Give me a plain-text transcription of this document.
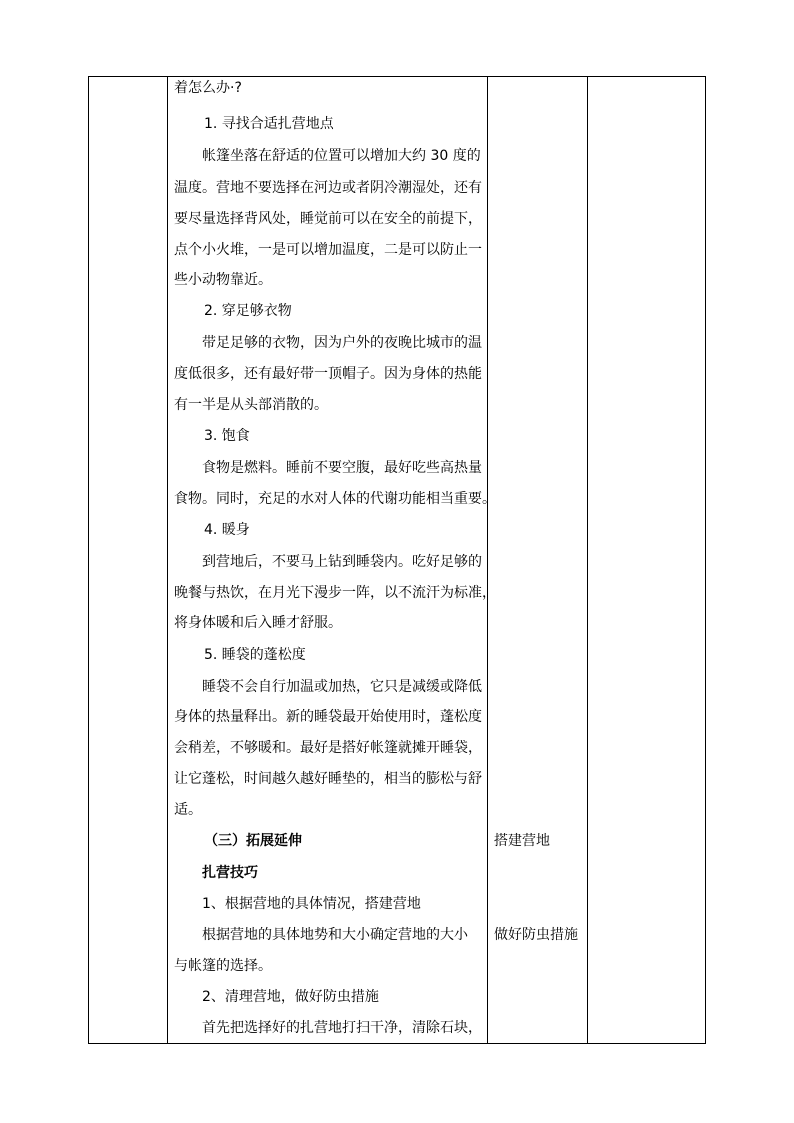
着怎么办·?
1. 寻找合适扎营地点
帐篷坐落在舒适的位置可以增加大约 30 度的
温度。营地不要选择在河边或者阴冷潮湿处，还有
要尽量选择背风处，睡觉前可以在安全的前提下，
点个小火堆，一是可以增加温度，二是可以防止一
些小动物靠近。
2. 穿足够衣物
带足足够的衣物，因为户外的夜晚比城市的温
度低很多，还有最好带一顶帽子。因为身体的热能
有一半是从头部消散的。
3. 饱食
食物是燃料。睡前不要空腹，最好吃些高热量
食物。同时，充足的水对人体的代谢功能相当重要。
4. 暖身
到营地后，不要马上钻到睡袋内。吃好足够的
晚餐与热饮，在月光下漫步一阵，以不流汗为标准，
将身体暖和后入睡才舒服。
5. 睡袋的蓬松度
睡袋不会自行加温或加热，它只是减缓或降低
身体的热量释出。新的睡袋最开始使用时，蓬松度
会稍差，不够暖和。最好是搭好帐篷就摊开睡袋，
让它蓬松，时间越久越好睡垫的，相当的膨松与舒
适。
（三）拓展延伸
扎营技巧
1、根据营地的具体情况，搭建营地
根据营地的具体地势和大小确定营地的大小
与帐篷的选择。
2、清理营地，做好防虫措施
首先把选择好的扎营地打扫干净，清除石块，
搭建营地
做好防虫措施
